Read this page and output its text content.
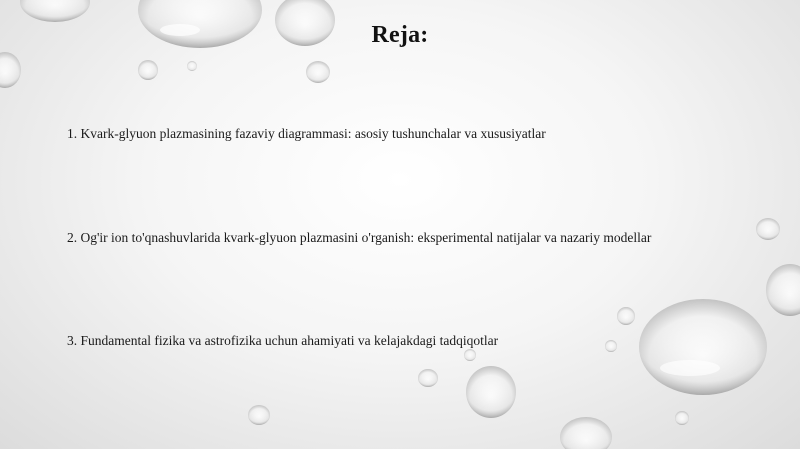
Reja:
1. Kvark-glyuon plazmasining fazaviy diagrammasi: asosiy tushunchalar va xususiyatlar
2. Og'ir ion to'qnashuvlarida kvark-glyuon plazmasini o'rganish: eksperimental natijalar va nazariy modellar
3. Fundamental fizika va astrofizika uchun ahamiyati va kelajakdagi tadqiqotlar
